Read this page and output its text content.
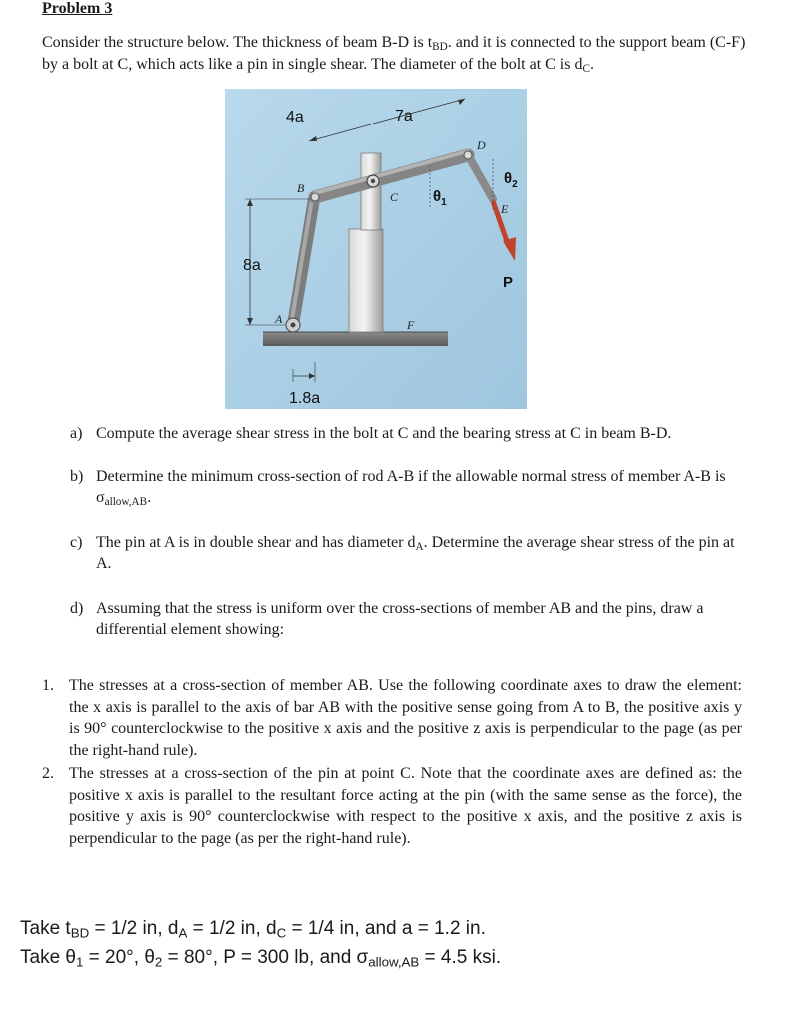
Problem 3
Consider the structure below. The thickness of beam B-D is $t_{BD}$. and it is connected to the support beam (C-F) by a bolt at C, which acts like a pin in single shear. The diameter of the bolt at C is $d_C$.
4a	7a
8a
1.8a
A
B
C
D
E
F
P
$\theta_1$
$\theta_2$
a) Compute the average shear stress in the bolt at C and the bearing stress at C in beam B-D.
b) Determine the minimum cross-section of rod A-B if the allowable normal stress of member A-B is $\sigma_{allow,AB}$.
c) The pin at A is in double shear and has diameter $d_A$. Determine the average shear stress of the pin at A.
d) Assuming that the stress is uniform over the cross-sections of member AB and the pins, draw a differential element showing:
1. The stresses at a cross-section of member AB. Use the following coordinate axes to draw the element: the x axis is parallel to the axis of bar AB with the positive sense going from A to B, the positive axis y is 90° counterclockwise to the positive x axis and the positive z axis is perpendicular to the page (as per the right-hand rule).
2. The stresses at a cross-section of the pin at point C. Note that the coordinate axes are defined as: the positive x axis is parallel to the resultant force acting at the pin (with the same sense as the force), the positive y axis is 90° counterclockwise with respect to the positive x axis, and the positive z axis is perpendicular to the page (as per the right-hand rule).
Take $t_{BD} = 1/2$ in, $d_A = 1/2$ in, $d_C = 1/4$ in, and a = 1.2 in.
Take $\theta_1 = 20^\circ$, $\theta_2 = 80^\circ$, P = 300 lb, and $\sigma_{allow,AB} = 4.5$ ksi.
